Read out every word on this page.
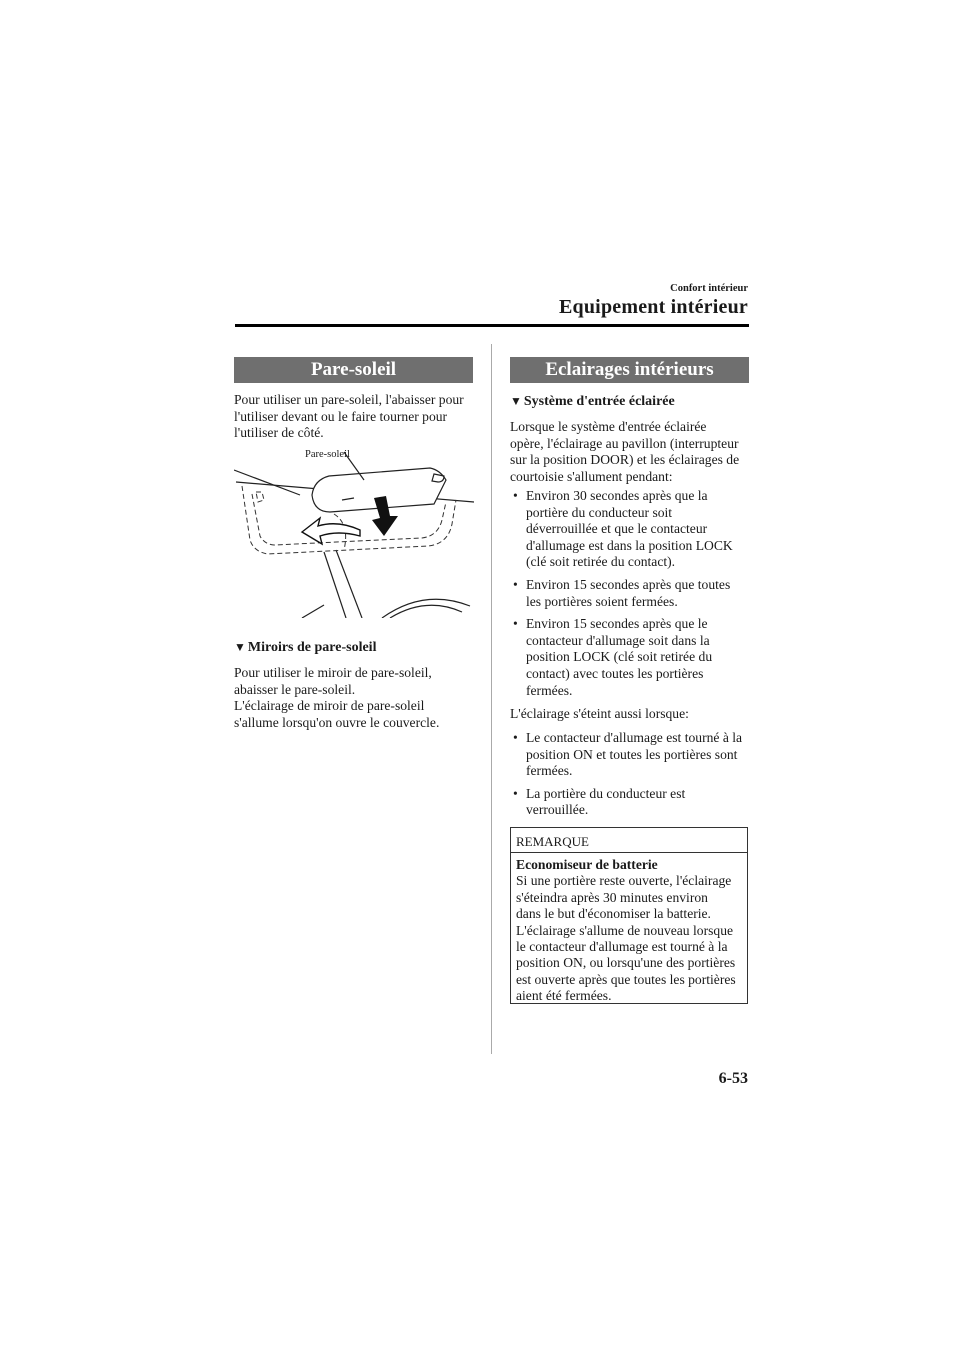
Confort intérieur
Equipement intérieur
Pare-soleil
Pour utiliser un pare-soleil, l'abaisser pour
l'utiliser devant ou le faire tourner pour
l'utiliser de côté.
Pare-soleil
▼ Miroirs de pare-soleil
Pour utiliser le miroir de pare-soleil,
abaisser le pare-soleil.
L'éclairage de miroir de pare-soleil
s'allume lorsqu'on ouvre le couvercle.
Eclairages intérieurs
▼ Système d'entrée éclairée
Lorsque le système d'entrée éclairée
opère, l'éclairage au pavillon (interrupteur
sur la position DOOR) et les éclairages de
courtoisie s'allument pendant:
• Environ 30 secondes après que la
portière du conducteur soit
déverrouillée et que le contacteur
d'allumage est dans la position LOCK
(clé soit retirée du contact).
• Environ 15 secondes après que toutes
les portières soient fermées.
• Environ 15 secondes après que le
contacteur d'allumage soit dans la
position LOCK (clé soit retirée du
contact) avec toutes les portières
fermées.
L'éclairage s'éteint aussi lorsque:
• Le contacteur d'allumage est tourné à la
position ON et toutes les portières sont
fermées.
• La portière du conducteur est
verrouillée.
REMARQUE
Economiseur de batterie
Si une portière reste ouverte, l'éclairage
s'éteindra après 30 minutes environ
dans le but d'économiser la batterie.
L'éclairage s'allume de nouveau lorsque
le contacteur d'allumage est tourné à la
position ON, ou lorsqu'une des portières
est ouverte après que toutes les portières
aient été fermées.
6-53
